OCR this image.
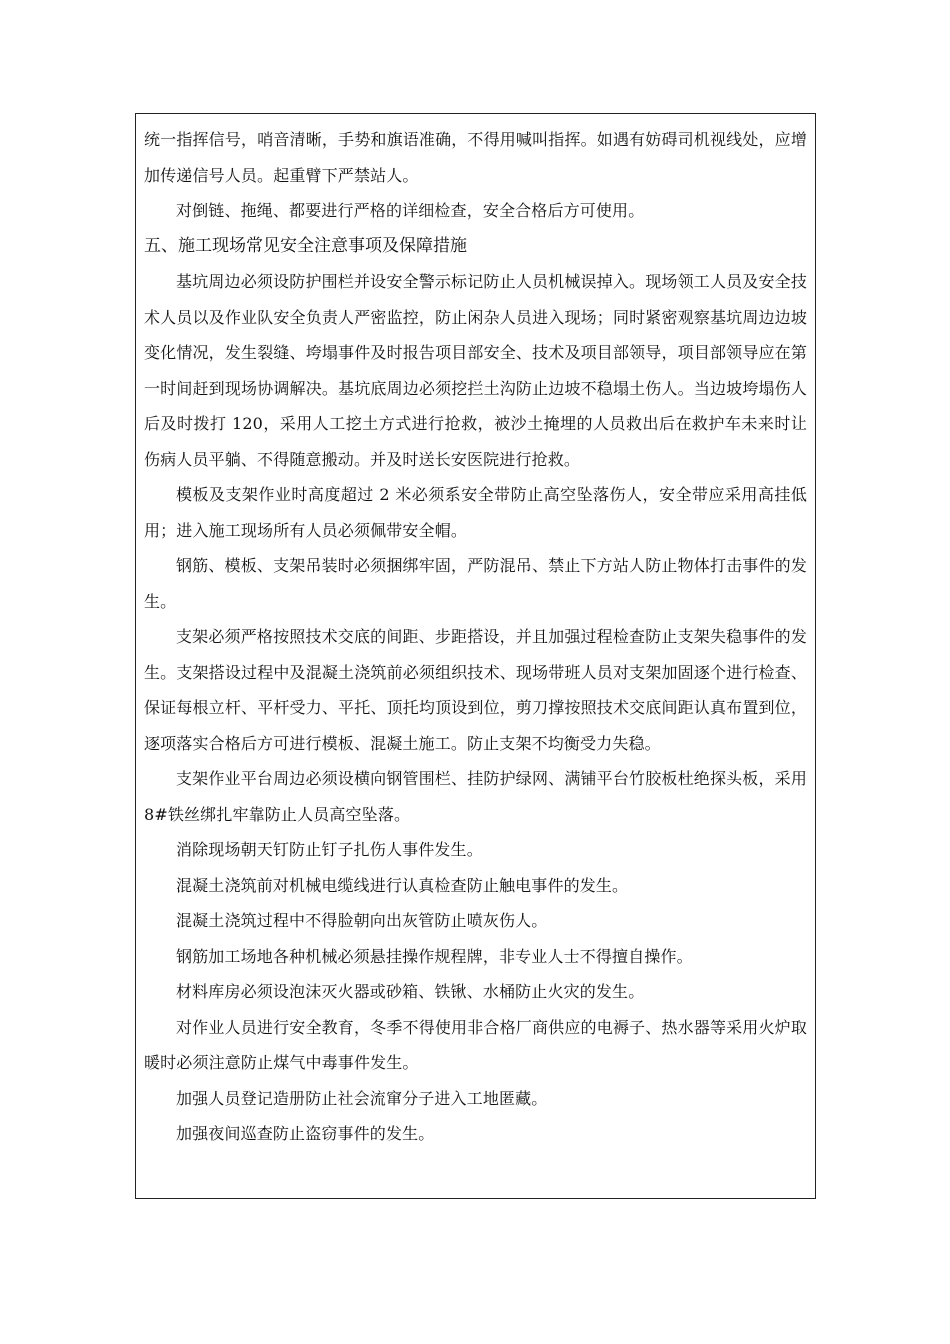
统一指挥信号，哨音清晰，手势和旗语准确，不得用喊叫指挥。如遇有妨碍司机视线处，应增加传递信号人员。起重臂下严禁站人。

对倒链、拖绳、都要进行严格的详细检查，安全合格后方可使用。

五、施工现场常见安全注意事项及保障措施

基坑周边必须设防护围栏并设安全警示标记防止人员机械误掉入。现场领工人员及安全技术人员以及作业队安全负责人严密监控，防止闲杂人员进入现场；同时紧密观察基坑周边边坡变化情况，发生裂缝、垮塌事件及时报告项目部安全、技术及项目部领导，项目部领导应在第一时间赶到现场协调解决。基坑底周边必须挖拦土沟防止边坡不稳塌土伤人。当边坡垮塌伤人后及时拨打 120，采用人工挖土方式进行抢救，被沙土掩埋的人员救出后在救护车未来时让伤病人员平躺、不得随意搬动。并及时送长安医院进行抢救。

模板及支架作业时高度超过 2 米必须系安全带防止高空坠落伤人，安全带应采用高挂低用；进入施工现场所有人员必须佩带安全帽。

钢筋、模板、支架吊装时必须捆绑牢固，严防混吊、禁止下方站人防止物体打击事件的发生。

支架必须严格按照技术交底的间距、步距搭设，并且加强过程检查防止支架失稳事件的发生。支架搭设过程中及混凝土浇筑前必须组织技术、现场带班人员对支架加固逐个进行检查、保证每根立杆、平杆受力、平托、顶托均顶设到位，剪刀撑按照技术交底间距认真布置到位，逐项落实合格后方可进行模板、混凝土施工。防止支架不均衡受力失稳。

支架作业平台周边必须设横向钢管围栏、挂防护绿网、满铺平台竹胶板杜绝探头板，采用 8#铁丝绑扎牢靠防止人员高空坠落。

消除现场朝天钉防止钉子扎伤人事件发生。

混凝土浇筑前对机械电缆线进行认真检查防止触电事件的发生。

混凝土浇筑过程中不得脸朝向出灰管防止喷灰伤人。

钢筋加工场地各种机械必须悬挂操作规程牌，非专业人士不得擅自操作。

材料库房必须设泡沫灭火器或砂箱、铁锹、水桶防止火灾的发生。

对作业人员进行安全教育，冬季不得使用非合格厂商供应的电褥子、热水器等采用火炉取暖时必须注意防止煤气中毒事件发生。

加强人员登记造册防止社会流窜分子进入工地匿藏。

加强夜间巡查防止盗窃事件的发生。
